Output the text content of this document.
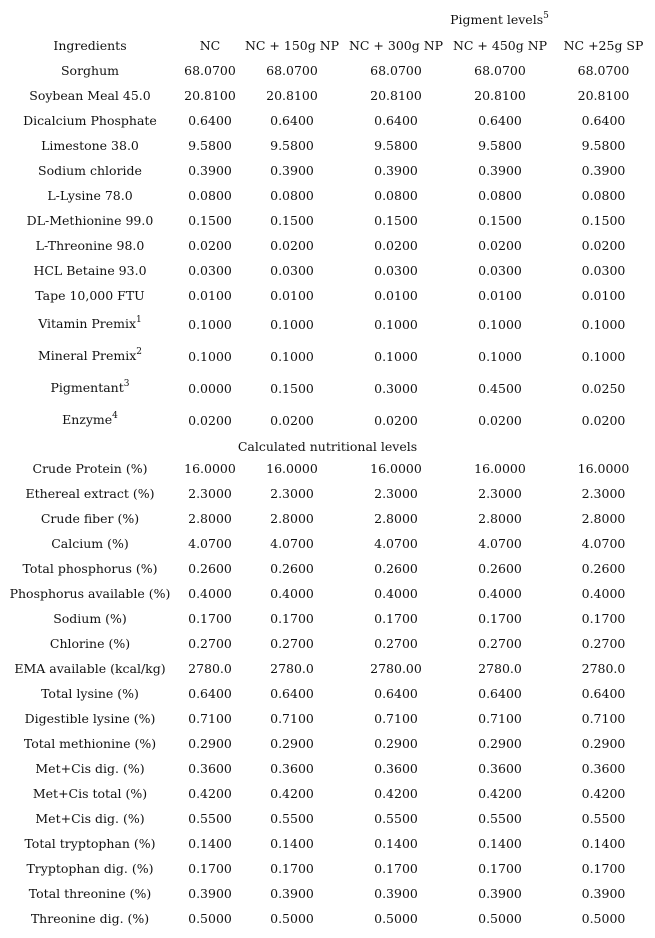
			Pigment levels$^5$
Ingredients	NC	NC + 150g NP	NC + 300g NP	NC + 450g NP	NC +25g SP
Sorghum	68.0700	68.0700	68.0700	68.0700	68.0700
Soybean Meal 45.0	20.8100	20.8100	20.8100	20.8100	20.8100
Dicalcium Phosphate	0.6400	0.6400	0.6400	0.6400	0.6400
Limestone 38.0	9.5800	9.5800	9.5800	9.5800	9.5800
Sodium chloride	0.3900	0.3900	0.3900	0.3900	0.3900
L-Lysine 78.0	0.0800	0.0800	0.0800	0.0800	0.0800
DL-Methionine 99.0	0.1500	0.1500	0.1500	0.1500	0.1500
L-Threonine 98.0	0.0200	0.0200	0.0200	0.0200	0.0200
HCL Betaine 93.0	0.0300	0.0300	0.0300	0.0300	0.0300
Tape 10,000 FTU	0.0100	0.0100	0.0100	0.0100	0.0100
Vitamin Premix$^1$	0.1000	0.1000	0.1000	0.1000	0.1000
Mineral Premix$^2$	0.1000	0.1000	0.1000	0.1000	0.1000
Pigmentant$^3$	0.0000	0.1500	0.3000	0.4500	0.0250
Enzyme$^4$	0.0200	0.0200	0.0200	0.0200	0.0200
Calculated nutritional levels					
Crude Protein (%)	16.0000	16.0000	16.0000	16.0000	16.0000
Ethereal extract (%)	2.3000	2.3000	2.3000	2.3000	2.3000
Crude fiber (%)	2.8000	2.8000	2.8000	2.8000	2.8000
Calcium (%)	4.0700	4.0700	4.0700	4.0700	4.0700
Total phosphorus (%)	0.2600	0.2600	0.2600	0.2600	0.2600
Phosphorus available (%)	0.4000	0.4000	0.4000	0.4000	0.4000
Sodium (%)	0.1700	0.1700	0.1700	0.1700	0.1700
Chlorine (%)	0.2700	0.2700	0.2700	0.2700	0.2700
EMA available (kcal/kg)	2780.0	2780.0	2780.00	2780.0	2780.0
Total lysine (%)	0.6400	0.6400	0.6400	0.6400	0.6400
Digestible lysine (%)	0.7100	0.7100	0.7100	0.7100	0.7100
Total methionine (%)	0.2900	0.2900	0.2900	0.2900	0.2900
Met+Cis dig. (%)	0.3600	0.3600	0.3600	0.3600	0.3600
Met+Cis total (%)	0.4200	0.4200	0.4200	0.4200	0.4200
Met+Cis dig. (%)	0.5500	0.5500	0.5500	0.5500	0.5500
Total tryptophan (%)	0.1400	0.1400	0.1400	0.1400	0.1400
Tryptophan dig. (%)	0.1700	0.1700	0.1700	0.1700	0.1700
Total threonine (%)	0.3900	0.3900	0.3900	0.3900	0.3900
Threonine dig. (%)	0.5000	0.5000	0.5000	0.5000	0.5000
